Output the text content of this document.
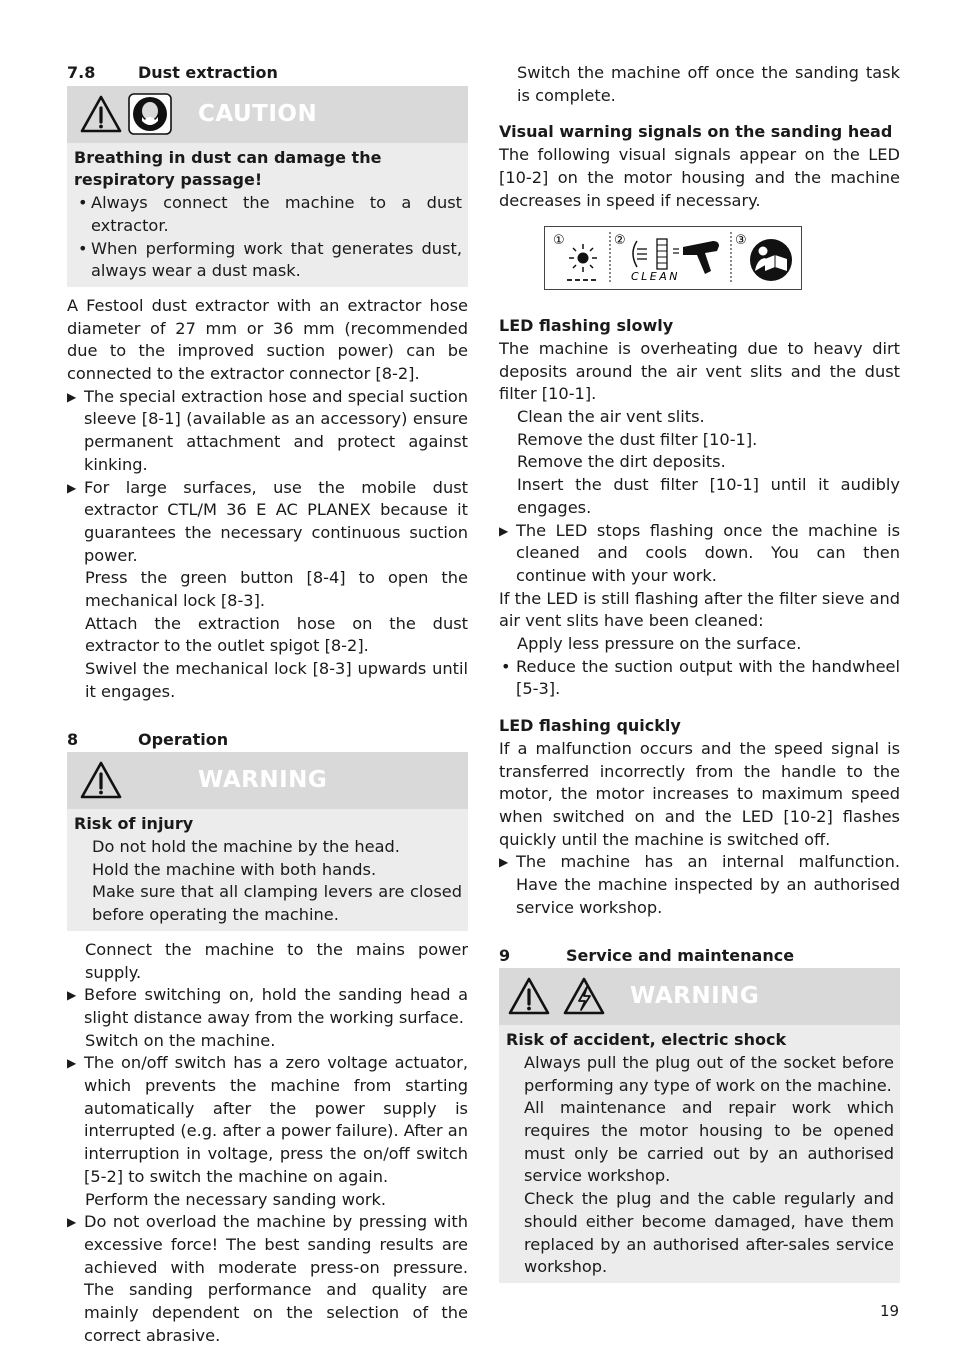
7.8	Dust extraction
CAUTION

Breathing in dust can damage the respiratory passage!

• Always connect the machine to a dust extractor.

• When performing work that generates dust, always wear a dust mask.

A Festool dust extractor with an extractor hose diameter of 27 mm or 36 mm (recommended due to the improved suction power) can be connected to the extractor connector [8-2].

▶ The special extraction hose and special suction sleeve [8-1] (available as an accessory) ensure permanent attachment and protect against kinking.

▶ For large surfaces, use the mobile dust extractor CTL/M 36 E AC PLANEX because it guarantees the necessary continuous suction power.

Press the green button [8-4] to open the mechanical lock [8-3].

Attach the extraction hose on the dust extractor to the outlet spigot [8-2].

Swivel the mechanical lock [8-3] upwards until it engages.

8	Operation
WARNING

Risk of injury

Do not hold the machine by the head.

Hold the machine with both hands.

Make sure that all clamping levers are closed before operating the machine.

Connect the machine to the mains power supply.

▶ Before switching on, hold the sanding head a slight distance away from the working surface.

Switch on the machine.

▶ The on/off switch has a zero voltage actuator, which prevents the machine from starting automatically after the power supply is interrupted (e.g. after a power failure). After an interruption in voltage, press the on/off switch [5-2] to switch the machine on again.

Perform the necessary sanding work.

▶ Do not overload the machine by pressing with excessive force! The best sanding results are achieved with moderate press-on pressure. The sanding performance and quality are mainly dependent on the selection of the correct abrasive.

Switch the machine off once the sanding task is complete.

Visual warning signals on the sanding head

The following visual signals appear on the LED [10-2] on the motor housing and the machine decreases in speed if necessary.

①	②
CLEAN
③

LED flashing slowly

The machine is overheating due to heavy dirt deposits around the air vent slits and the dust filter [10-1].

Clean the air vent slits.

Remove the dust filter [10-1].

Remove the dirt deposits.

Insert the dust filter [10-1] until it audibly engages.

▶ The LED stops flashing once the machine is cleaned and cools down. You can then continue with your work.

If the LED is still flashing after the filter sieve and air vent slits have been cleaned:

Apply less pressure on the surface.

• Reduce the suction output with the handwheel [5-3].

LED flashing quickly

If a malfunction occurs and the speed signal is transferred incorrectly from the handle to the motor, the motor increases to maximum speed when switched on and the LED [10-2] flashes quickly until the machine is switched off.

▶ The machine has an internal malfunction. Have the machine inspected by an authorised service workshop.

9	Service and maintenance
WARNING

Risk of accident, electric shock

Always pull the plug out of the socket before performing any type of work on the machine.

All maintenance and repair work which requires the motor housing to be opened must only be carried out by an authorised service workshop.

Check the plug and the cable regularly and should either become damaged, have them replaced by an authorised after-sales service workshop.

19
